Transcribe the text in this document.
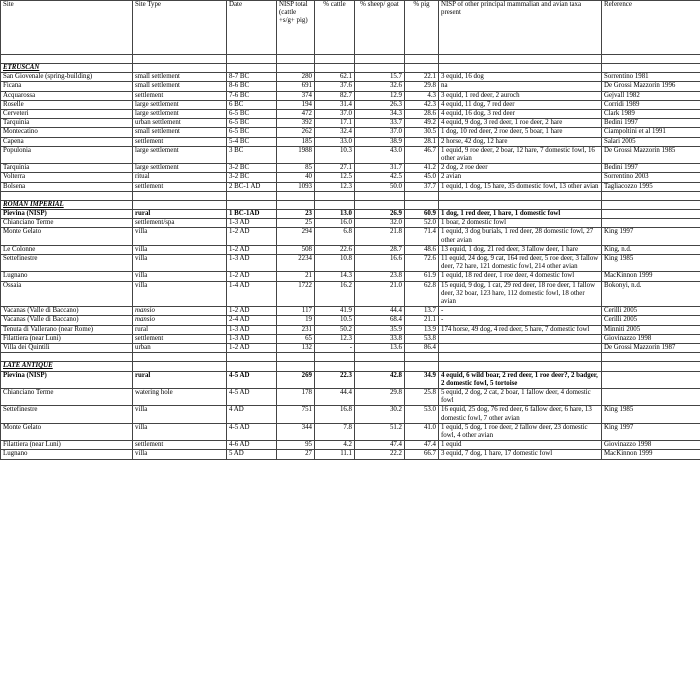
Site	Site Type	Date	NISP total (cattle +s/g+ pig)	% cattle	% sheep/ goat	% pig	NISP of other principal mammalian and avian taxa present	Reference

ETRUSCAN								
San Giovenale (spring-building)	small settlement	8-7 BC	280	62.1	15.7	22.1	3 equid, 16 dog	Sorrentino 1981
Ficana	small settlement	8-6 BC	691	37.6	32.6	29.8	na	De Grossi Mazzorin 1996
Acquarossa	settlement	7-6 BC	374	82.7	12.9	4.3	3 equid, 1 red deer, 2 auroch	Gejvall 1982
Roselle	large settlement	6 BC	194	31.4	26.3	42.3	4 equid, 11 dog, 7 red deer	Corridi 1989
Cerveteri	large settlement	6-5 BC	472	37.0	34.3	28.6	4 equid, 16 dog, 3 red deer	Clark 1989
Tarquinia	urban settlement	6-5 BC	392	17.1	33.7	49.2	4 equid, 9 dog, 3 red deer, 1 roe deer, 2 hare	Bedini 1997
Montecatino	small settlement	6-5 BC	262	32.4	37.0	30.5	1 dog, 10 red deer, 2 roe deer, 5 boar, 1 hare	Ciampoltini et al 1991
Capena	settlement	5-4 BC	185	33.0	38.9	28.1	2 horse, 42 dog, 12 hare	Salari 2005
Populonia	large settlement	3 BC	1988	10.3	43.0	46.7	1 equid, 9 roe deer, 2 boar, 12 hare, 7 domestic fowl, 16 other avian	De Grossi Mazzorin 1985
Tarquinia	large settlement	3-2 BC	85	27.1	31.7	41.2	2 dog, 2 roe deer	Bedini 1997
Volterra	ritual	3-2 BC	40	12.5	42.5	45.0	2 avian	Sorrentino 2003
Bolsena	settlement	2 BC-1 AD	1093	12.3	50.0	37.7	1 equid, 1 dog, 15 hare, 35 domestic fowl, 13 other avian	Tagliacozzo 1995

ROMAN IMPERIAL								
Pievina (NISP)	rural	1 BC-1AD	23	13.0	26.9	60.9	1 dog, 1 red deer, 1 hare, 1 domestic fowl	
Chianciano Terme	settlement/spa	1-3 AD	25	16.0	32.0	52.0	1 boar, 2 domestic fowl	
Monte Gelato	villa	1-2 AD	294	6.8	21.8	71.4	1 equid, 3 dog burials, 1 red deer, 28 domestic fowl, 27 other avian	King 1997
Le Colonne	villa	1-2 AD	508	22.6	28.7	48.6	13 equid, 1 dog, 21 red deer, 3 fallow deer, 1 hare	King, n.d.
Settefinestre	villa	1-3 AD	2234	10.8	16.6	72.6	11 equid, 24 dog, 9 cat, 164 red deer, 5 roe deer, 3 fallow deer, 72 hare, 121 domestic fowl, 214 other avian	King 1985
Lugnano	villa	1-2 AD	21	14.3	23.8	61.9	1 equid, 18 red deer, 1 roe deer, 4 domestic fowl	MacKinnon 1999
Ossaia	villa	1-4 AD	1722	16.2	21.0	62.8	15 equid, 9 dog, 1 cat, 29 red deer, 18 roe deer, 1 fallow deer, 32 boar, 123 hare, 112 domestic fowl, 18 other avian	Bokonyi, n.d.
Vacanas (Valle di Baccano)	mansio	1-2 AD	117	41.9	44.4	13.7	-	Cerilli 2005
Vacanas (Valle di Baccano)	mansio	2-4 AD	19	10.5	68.4	21.1	-	Cerilli 2005
Tenuta di Vallerano (near Rome)	rural	1-3 AD	231	50.2	35.9	13.9	174 horse, 49 dog, 4 red deer, 5 hare, 7 domestic fowl	Minniti 2005
Filattiera (near Luni)	settlement	1-3 AD	65	12.3	33.8	53.8		Giovinazzo 1998
Villa dei Quintili	urban	1-2 AD	132	-	13.6	86.4		De Grossi Mazzorin 1987

LATE ANTIQUE								
Pievina (NISP)	rural	4-5 AD	269	22.3	42.8	34.9	4 equid, 6 wild boar, 2 red deer, 1 roe deer?, 2 badger, 2 domestic fowl, 5 tortoise	
Chianciano Terme	watering hole	4-5 AD	178	44.4	29.8	25.8	5 equid, 2 dog, 2 cat, 2 boar, 1 fallow deer, 4 domestic fowl	
Settefinestre	villa	4 AD	751	16.8	30.2	53.0	16 equid, 25 dog, 76 red deer, 6 fallow deer, 6 hare, 13 domestic fowl, 7 other avian	King 1985
Monte Gelato	villa	4-5 AD	344	7.8	51.2	41.0	1 equid, 5 dog, 1 roe deer, 2 fallow deer, 23 domestic fowl, 4 other avian	King 1997
Filattiera (near Luni)	settlement	4-6 AD	95	4.2	47.4	47.4	1 equid	Giovinazzo 1998
Lugnano	villa	5 AD	27	11.1	22.2	66.7	3 equid, 7 dog, 1 hare, 17 domestic fowl	MacKinnon 1999
